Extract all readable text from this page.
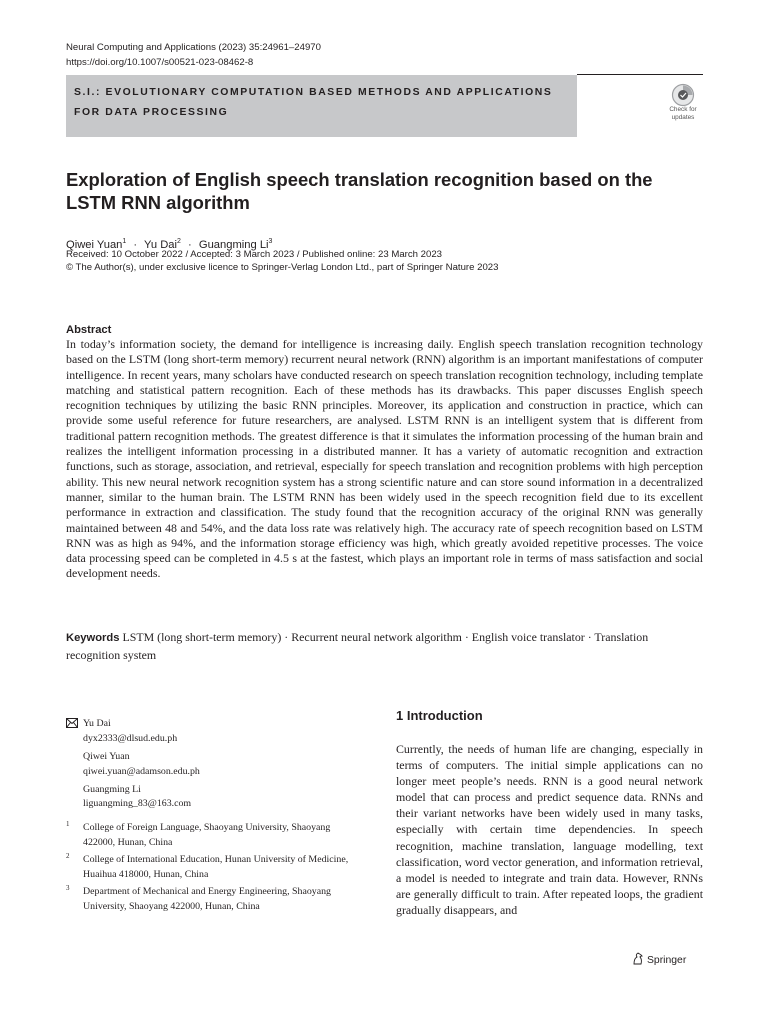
Neural Computing and Applications (2023) 35:24961–24970
https://doi.org/10.1007/s00521-023-08462-8
S.I.: EVOLUTIONARY COMPUTATION BASED METHODS AND APPLICATIONS FOR DATA PROCESSING	Check for updates
Exploration of English speech translation recognition based on the LSTM RNN algorithm
Qiwei Yuan$^1$ · Yu Dai$^2$ · Guangming Li$^3$
Received: 10 October 2022 / Accepted: 3 March 2023 / Published online: 23 March 2023
© The Author(s), under exclusive licence to Springer-Verlag London Ltd., part of Springer Nature 2023
Abstract
In today’s information society, the demand for intelligence is increasing daily. English speech translation recognition technology based on the LSTM (long short-term memory) recurrent neural network (RNN) algorithm is an important manifestations of computer intelligence. In recent years, many scholars have conducted research on speech translation recognition technology, including template matching and statistical pattern recognition. Each of these methods has its drawbacks. This paper discusses English speech recognition techniques by utilizing the basic RNN principles. Moreover, its application and construction in practice, which can provide some useful reference for future researchers, are analysed. LSTM RNN is an intelligent system that is different from traditional pattern recognition methods. The greatest difference is that it simulates the information processing of the human brain and realizes the intelligent information processing in a distributed manner. It has a variety of automatic recognition and extraction functions, such as storage, association, and retrieval, especially for speech translation and recognition problems with high perception ability. This new neural network recognition system has a strong scientific nature and can store sound information in a decentralized manner, similar to the human brain. The LSTM RNN has been widely used in the speech recognition field due to its excellent performance in extraction and classification. The study found that the recognition accuracy of the original RNN was generally maintained between 48 and 54%, and the data loss rate was relatively high. The accuracy rate of speech recognition based on LSTM RNN was as high as 94%, and the information storage efficiency was high, which greatly avoided repetitive processes. The voice data processing speed can be completed in 4.5 s at the fastest, which plays an important role in terms of mass satisfaction and social development needs.
Keywords LSTM (long short-term memory) · Recurrent neural network algorithm · English voice translator · Translation recognition system
Yu Dai
dyx2333@dlsud.edu.ph
Qiwei Yuan
qiwei.yuan@adamson.edu.ph
Guangming Li
liguangming_83@163.com
1 College of Foreign Language, Shaoyang University, Shaoyang 422000, Hunan, China
2 College of International Education, Hunan University of Medicine, Huaihua 418000, Hunan, China
3 Department of Mechanical and Energy Engineering, Shaoyang University, Shaoyang 422000, Hunan, China
1 Introduction
Currently, the needs of human life are changing, especially in terms of computers. The initial simple applications can no longer meet people’s needs. RNN is a good neural network model that can process and predict sequence data. RNNs and their variant networks have been widely used in many tasks, especially with certain time dependencies. In speech recognition, machine translation, language modelling, text classification, word vector generation, and information retrieval, a model is needed to integrate and train data. However, RNNs are generally difficult to train. After repeated loops, the gradient gradually disappears, and
Springer
